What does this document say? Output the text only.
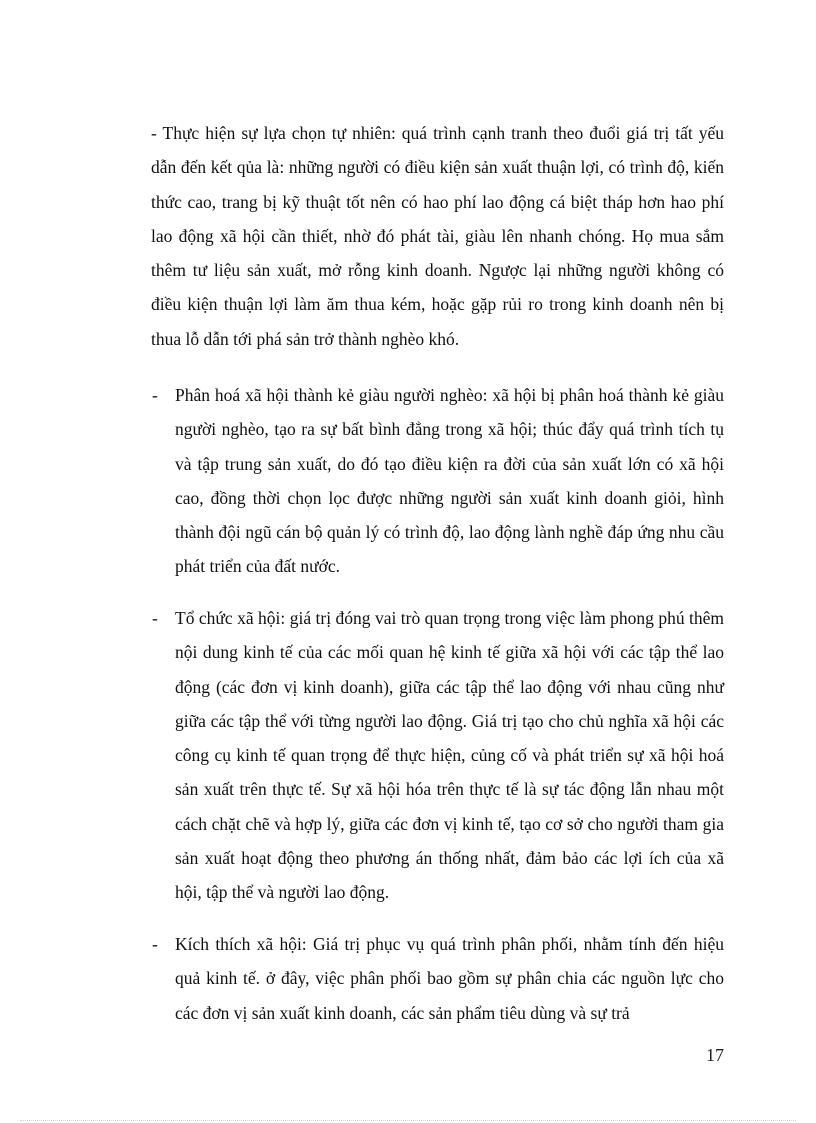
- Thực hiện sự lựa chọn tự nhiên: quá trình cạnh tranh theo đuổi giá trị tất yếu dẫn đến kết qủa là: những người có điều kiện sản xuất thuận lợi, có trình độ, kiến thức cao, trang bị kỹ thuật tốt nên có hao phí lao động cá biệt tháp hơn hao phí lao động xã hội cần thiết, nhờ đó phát tài, giàu lên nhanh chóng. Họ mua sắm thêm tư liệu sản xuất, mở rỗng kinh doanh. Ngược lại những người không có điều kiện thuận lợi làm ăm thua kém, hoặc gặp rủi ro trong kinh doanh nên bị thua lỗ dẫn tới phá sản trở thành nghèo khó.

- Phân hoá xã hội thành kẻ giàu người nghèo: xã hội bị phân hoá thành kẻ giàu người nghèo, tạo ra sự bất bình đẳng trong xã hội; thúc đẩy quá trình tích tụ và tập trung sản xuất, do đó tạo điều kiện ra đời của sản xuất lớn có xã hội cao, đồng thời chọn lọc được những người sản xuất kinh doanh giỏi, hình thành đội ngũ cán bộ quản lý có trình độ, lao động lành nghề đáp ứng nhu cầu phát triển của đất nước.

- Tổ chức xã hội: giá trị đóng vai trò quan trọng trong việc làm phong phú thêm nội dung kinh tế của các mối quan hệ kinh tế giữa xã hội với các tập thể lao động (các đơn vị kinh doanh), giữa các tập thể lao động với nhau cũng như giữa các tập thể với từng người lao động. Giá trị tạo cho chủ nghĩa xã hội các công cụ kinh tế quan trọng để thực hiện, củng cố và phát triển sự xã hội hoá sản xuất trên thực tế. Sự xã hội hóa trên thực tế là sự tác động lẫn nhau một cách chặt chẽ và hợp lý, giữa các đơn vị kinh tế, tạo cơ sở cho người tham gia sản xuất hoạt động theo phương án thống nhất, đảm bảo các lợi ích của xã hội, tập thể và người lao động.

- Kích thích xã hội: Giá trị phục vụ quá trình phân phối, nhằm tính đến hiệu quả kinh tế. ở đây, việc phân phối bao gồm sự phân chia các nguồn lực cho các đơn vị sản xuất kinh doanh, các sản phẩm tiêu dùng và sự trả

17
